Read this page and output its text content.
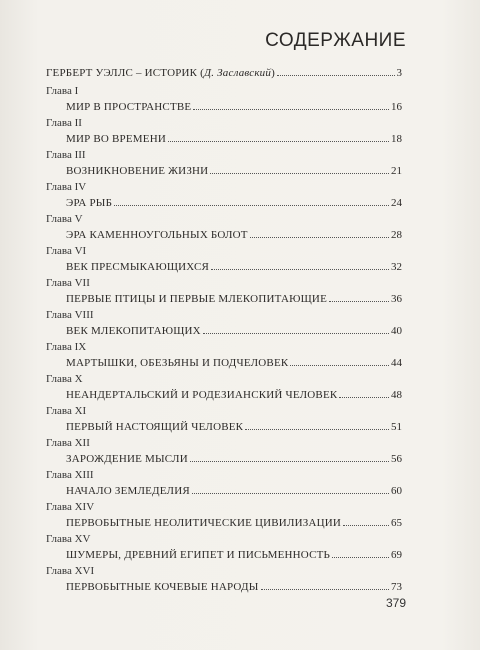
СОДЕРЖАНИЕ
ГЕРБЕРТ УЭЛЛС – ИСТОРИК (Д. Заславский)	3
Глава I
МИР В ПРОСТРАНСТВЕ	16
Глава II
МИР ВО ВРЕМЕНИ	18
Глава III
ВОЗНИКНОВЕНИЕ ЖИЗНИ	21
Глава IV
ЭРА РЫБ	24
Глава V
ЭРА КАМЕННОУГОЛЬНЫХ БОЛОТ	28
Глава VI
ВЕК ПРЕСМЫКАЮЩИХСЯ	32
Глава VII
ПЕРВЫЕ ПТИЦЫ И ПЕРВЫЕ МЛЕКОПИТАЮЩИЕ	36
Глава VIII
ВЕК МЛЕКОПИТАЮЩИХ	40
Глава IX
МАРТЫШКИ, ОБЕЗЬЯНЫ И ПОДЧЕЛОВЕК	44
Глава X
НЕАНДЕРТАЛЬСКИЙ И РОДЕЗИАНСКИЙ ЧЕЛОВЕК	48
Глава XI
ПЕРВЫЙ НАСТОЯЩИЙ ЧЕЛОВЕК	51
Глава XII
ЗАРОЖДЕНИЕ МЫСЛИ	56
Глава XIII
НАЧАЛО ЗЕМЛЕДЕЛИЯ	60
Глава XIV
ПЕРВОБЫТНЫЕ НЕОЛИТИЧЕСКИЕ ЦИВИЛИЗАЦИИ	65
Глава XV
ШУМЕРЫ, ДРЕВНИЙ ЕГИПЕТ И ПИСЬМЕННОСТЬ	69
Глава XVI
ПЕРВОБЫТНЫЕ КОЧЕВЫЕ НАРОДЫ	73
379
